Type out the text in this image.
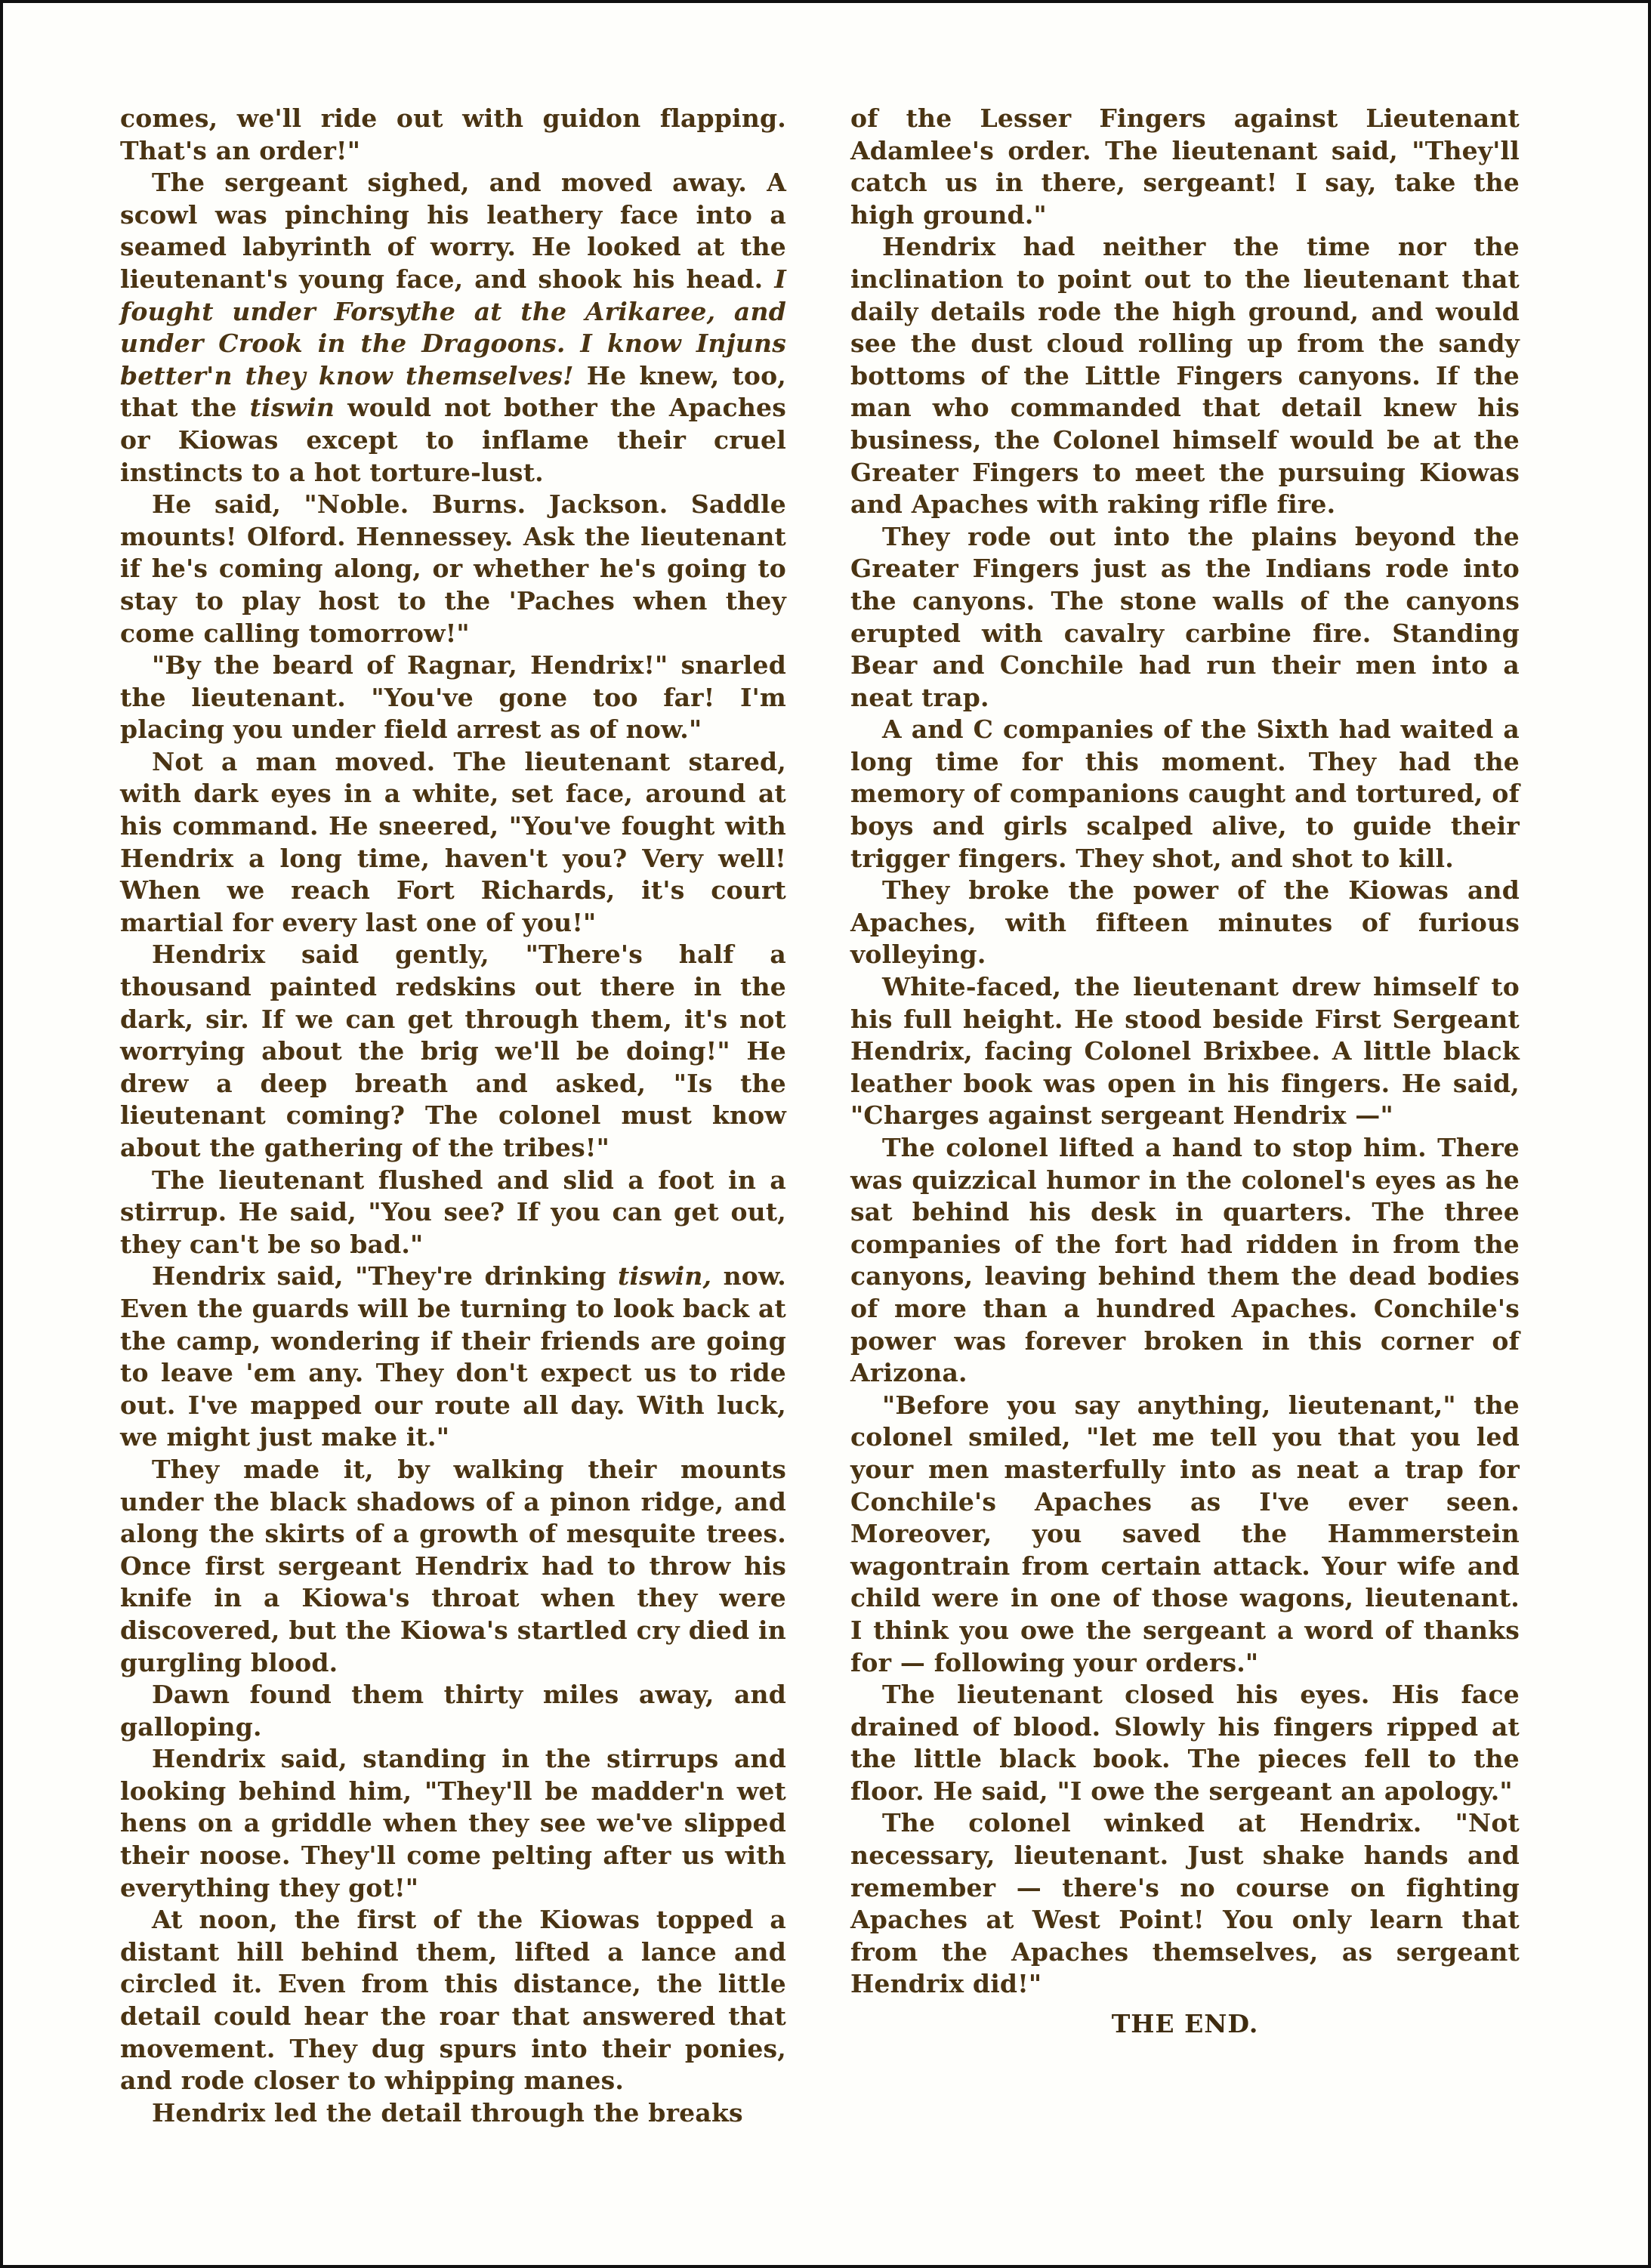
comes, we'll ride out with guidon flapping. That's an order!"

The sergeant sighed, and moved away. A scowl was pinching his leathery face into a seamed labyrinth of worry. He looked at the lieutenant's young face, and shook his head. I fought under Forsythe at the Arikaree, and under Crook in the Dragoons. I know Injuns better'n they know themselves! He knew, too, that the tiswin would not bother the Apaches or Kiowas except to inflame their cruel instincts to a hot torture-lust.

He said, "Noble. Burns. Jackson. Saddle mounts! Olford. Hennessey. Ask the lieutenant if he's coming along, or whether he's going to stay to play host to the 'Paches when they come calling tomorrow!"

"By the beard of Ragnar, Hendrix!" snarled the lieutenant. "You've gone too far! I'm placing you under field arrest as of now."

Not a man moved. The lieutenant stared, with dark eyes in a white, set face, around at his command. He sneered, "You've fought with Hendrix a long time, haven't you? Very well! When we reach Fort Richards, it's court martial for every last one of you!"

Hendrix said gently, "There's half a thousand painted redskins out there in the dark, sir. If we can get through them, it's not worrying about the brig we'll be doing!" He drew a deep breath and asked, "Is the lieutenant coming? The colonel must know about the gathering of the tribes!"

The lieutenant flushed and slid a foot in a stirrup. He said, "You see? If you can get out, they can't be so bad."

Hendrix said, "They're drinking tiswin, now. Even the guards will be turning to look back at the camp, wondering if their friends are going to leave 'em any. They don't expect us to ride out. I've mapped our route all day. With luck, we might just make it."

They made it, by walking their mounts under the black shadows of a pinon ridge, and along the skirts of a growth of mesquite trees. Once first sergeant Hendrix had to throw his knife in a Kiowa's throat when they were discovered, but the Kiowa's startled cry died in gurgling blood.

Dawn found them thirty miles away, and galloping.

Hendrix said, standing in the stirrups and looking behind him, "They'll be madder'n wet hens on a griddle when they see we've slipped their noose. They'll come pelting after us with everything they got!"

At noon, the first of the Kiowas topped a distant hill behind them, lifted a lance and circled it. Even from this distance, the little detail could hear the roar that answered that movement. They dug spurs into their ponies, and rode closer to whipping manes.

Hendrix led the detail through the breaks

of the Lesser Fingers against Lieutenant Adamlee's order. The lieutenant said, "They'll catch us in there, sergeant! I say, take the high ground."

Hendrix had neither the time nor the inclination to point out to the lieutenant that daily details rode the high ground, and would see the dust cloud rolling up from the sandy bottoms of the Little Fingers canyons. If the man who commanded that detail knew his business, the Colonel himself would be at the Greater Fingers to meet the pursuing Kiowas and Apaches with raking rifle fire.

They rode out into the plains beyond the Greater Fingers just as the Indians rode into the canyons. The stone walls of the canyons erupted with cavalry carbine fire. Standing Bear and Conchile had run their men into a neat trap.

A and C companies of the Sixth had waited a long time for this moment. They had the memory of companions caught and tortured, of boys and girls scalped alive, to guide their trigger fingers. They shot, and shot to kill.

They broke the power of the Kiowas and Apaches, with fifteen minutes of furious volleying.

White-faced, the lieutenant drew himself to his full height. He stood beside First Sergeant Hendrix, facing Colonel Brixbee. A little black leather book was open in his fingers. He said, "Charges against sergeant Hendrix —"

The colonel lifted a hand to stop him. There was quizzical humor in the colonel's eyes as he sat behind his desk in quarters. The three companies of the fort had ridden in from the canyons, leaving behind them the dead bodies of more than a hundred Apaches. Conchile's power was forever broken in this corner of Arizona.

"Before you say anything, lieutenant," the colonel smiled, "let me tell you that you led your men masterfully into as neat a trap for Conchile's Apaches as I've ever seen. Moreover, you saved the Hammerstein wagontrain from certain attack. Your wife and child were in one of those wagons, lieutenant. I think you owe the sergeant a word of thanks for — following your orders."

The lieutenant closed his eyes. His face drained of blood. Slowly his fingers ripped at the little black book. The pieces fell to the floor. He said, "I owe the sergeant an apology."

The colonel winked at Hendrix. "Not necessary, lieutenant. Just shake hands and remember — there's no course on fighting Apaches at West Point! You only learn that from the Apaches themselves, as sergeant Hendrix did!"

THE END.
